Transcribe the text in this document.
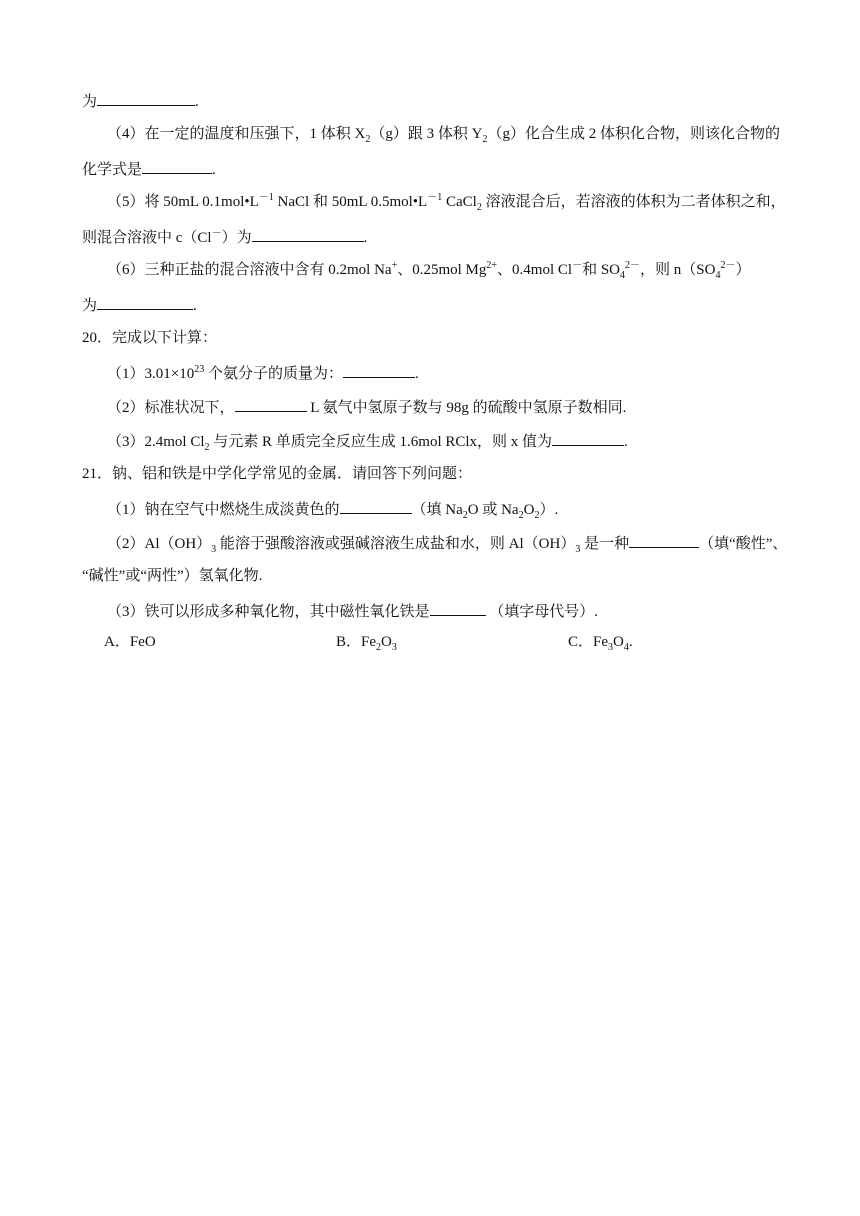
为	.
（4）在一定的温度和压强下，1 体积 $X_2(g)$跟 3 体积 $Y_2(g)$化合生成 2 体积化合物，则该化合物的
化学式是	.
（5）将 50mL $0.1mol•L^{-1}$ NaCl 和 50mL $0.5mol•L^{-1}$ CaCl$_2$ 溶液混合后，若溶液的体积为二者体积之和，
则混合溶液中 c（Cl－）为	.
（6）三种正盐的混合溶液中含有 0.2mol Na+、0.25mol $Mg^{2+}$、0.4mol Cl－和 $SO_4^{2-}$，则 $n(SO_4^{2-})$
为	.
20．完成以下计算：
$(1)3.01\times 10^{23}$ 个氨分子的质量为：	.
（2）标准状况下，	L 氨气中氢原子数与 98g 的硫酸中氢原子数相同.
（3）2.4mol $Cl_2$ 与元素 R 单质完全反应生成 1.6mol RClx，则 x 值为	.
21．钠、铝和铁是中学化学常见的金属．请回答下列问题：
（1）钠在空气中燃烧生成淡黄色的	（填 $Na_2O$ 或 $Na_2O_2$）.
$(2)Al(OH)_3$ 能溶于强酸溶液或强碱溶液生成盐和水，则 $Al(OH)_3$ 是一种	（填“酸性”、
“碱性”或“两性”）氢氧化物.
（3）铁可以形成多种氧化物，其中磁性氧化铁是	（填字母代号）.
A．FeO	B．$Fe_2O_3$	C．$Fe_3O_4$.
